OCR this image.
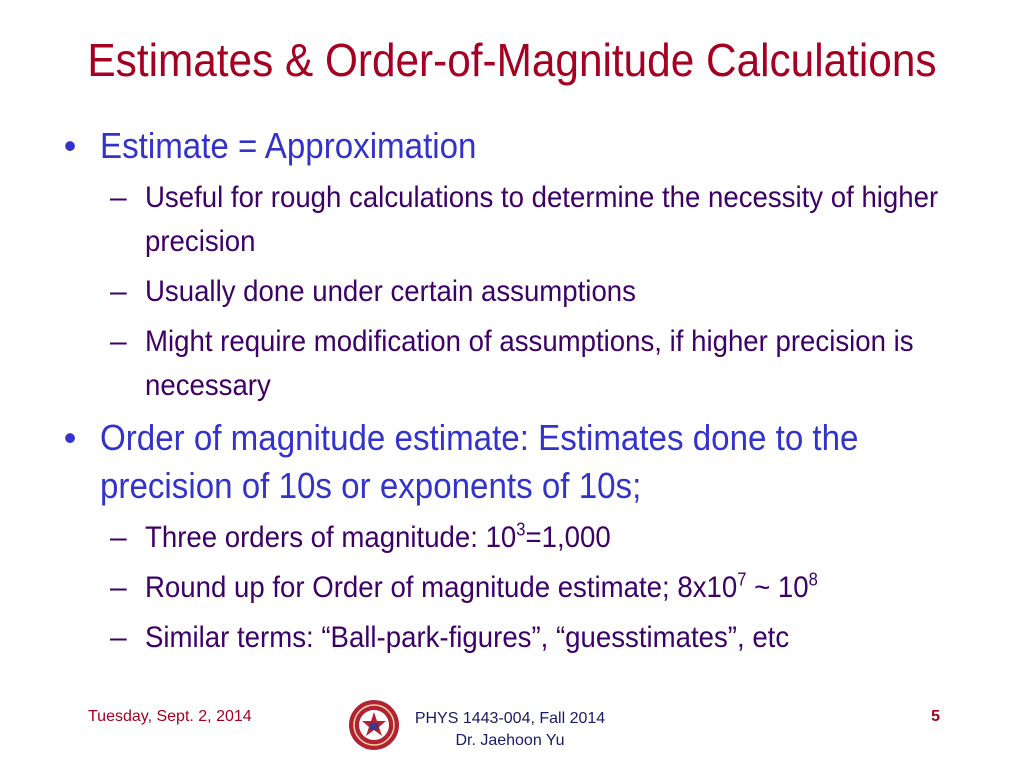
Estimates & Order-of-Magnitude Calculations
• Estimate = Approximation
– Useful for rough calculations to determine the necessity of higher precision
– Usually done under certain assumptions
– Might require modification of assumptions, if higher precision is necessary
• Order of magnitude estimate: Estimates done to the precision of 10s or exponents of 10s;
– Three orders of magnitude: $10^3=1,000$
– Round up for Order of magnitude estimate; $8x10^7$ ~ $10^8$
– Similar terms: “Ball-park-figures”, “guesstimates”, etc
Tuesday, Sept. 2, 2014	PHYS 1443-004, Fall 2014
Dr. Jaehoon Yu
5
